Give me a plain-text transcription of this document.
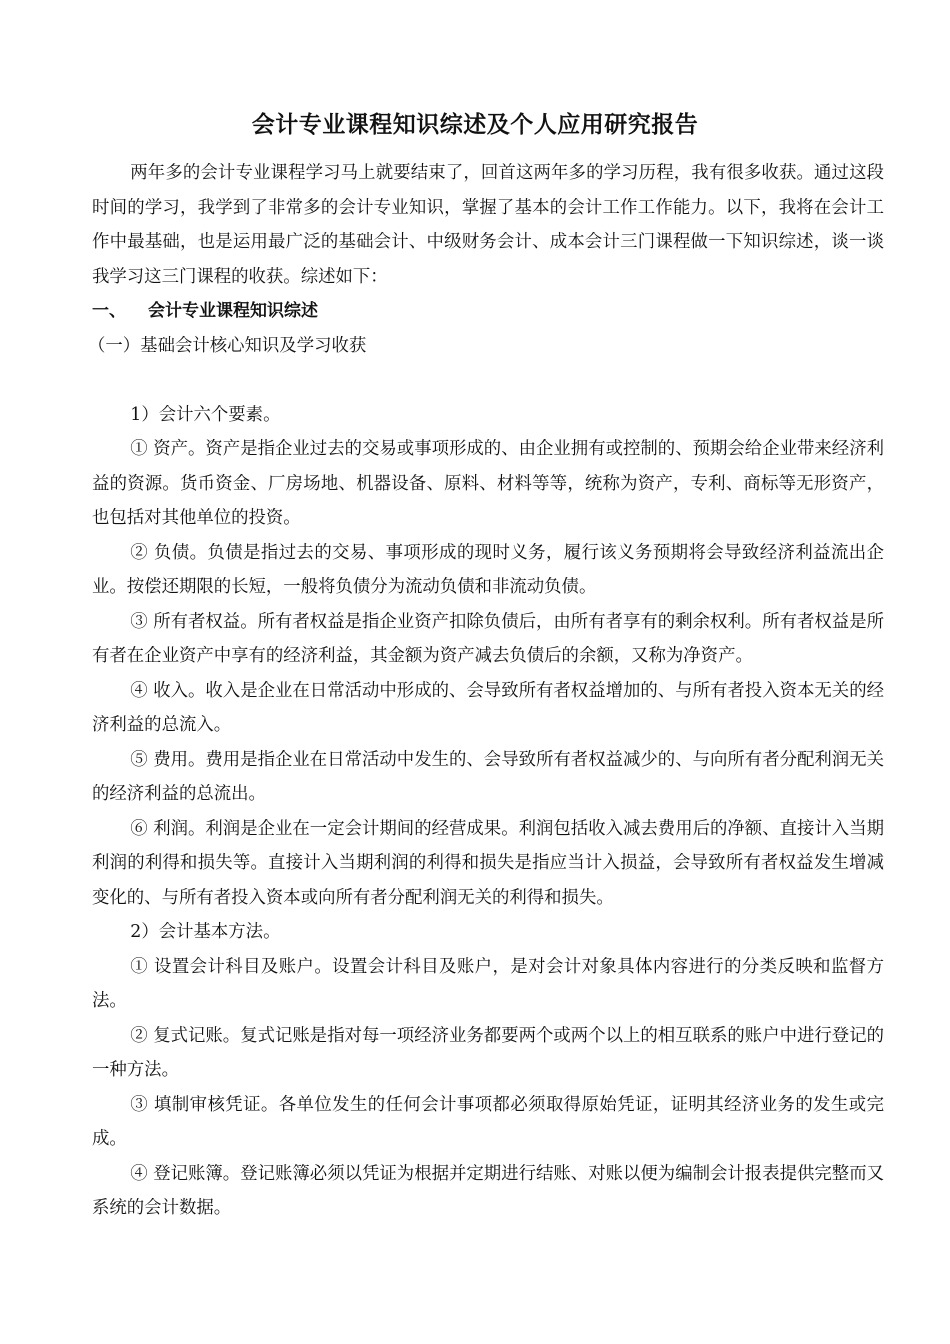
会计专业课程知识综述及个人应用研究报告

两年多的会计专业课程学习马上就要结束了，回首这两年多的学习历程，我有很多收获。通过这段时间的学习，我学到了非常多的会计专业知识，掌握了基本的会计工作工作能力。以下，我将在会计工作中最基础，也是运用最广泛的基础会计、中级财务会计、成本会计三门课程做一下知识综述，谈一谈我学习这三门课程的收获。综述如下：

一、 会计专业课程知识综述

（一）基础会计核心知识及学习收获

1）会计六个要素。

① 资产。资产是指企业过去的交易或事项形成的、由企业拥有或控制的、预期会给企业带来经济利益的资源。货币资金、厂房场地、机器设备、原料、材料等等，统称为资产，专利、商标等无形资产，也包括对其他单位的投资。

② 负债。负债是指过去的交易、事项形成的现时义务，履行该义务预期将会导致经济利益流出企业。按偿还期限的长短，一般将负债分为流动负债和非流动负债。

③ 所有者权益。所有者权益是指企业资产扣除负债后，由所有者享有的剩余权利。所有者权益是所有者在企业资产中享有的经济利益，其金额为资产减去负债后的余额，又称为净资产。

④ 收入。收入是企业在日常活动中形成的、会导致所有者权益增加的、与所有者投入资本无关的经济利益的总流入。

⑤ 费用。费用是指企业在日常活动中发生的、会导致所有者权益减少的、与向所有者分配利润无关的经济利益的总流出。

⑥ 利润。利润是企业在一定会计期间的经营成果。利润包括收入减去费用后的净额、直接计入当期利润的利得和损失等。直接计入当期利润的利得和损失是指应当计入损益，会导致所有者权益发生增减变化的、与所有者投入资本或向所有者分配利润无关的利得和损失。

2）会计基本方法。

① 设置会计科目及账户。设置会计科目及账户，是对会计对象具体内容进行的分类反映和监督方法。

② 复式记账。复式记账是指对每一项经济业务都要两个或两个以上的相互联系的账户中进行登记的一种方法。

③ 填制审核凭证。各单位发生的任何会计事项都必须取得原始凭证，证明其经济业务的发生或完成。

④ 登记账簿。登记账簿必须以凭证为根据并定期进行结账、对账以便为编制会计报表提供完整而又系统的会计数据。
